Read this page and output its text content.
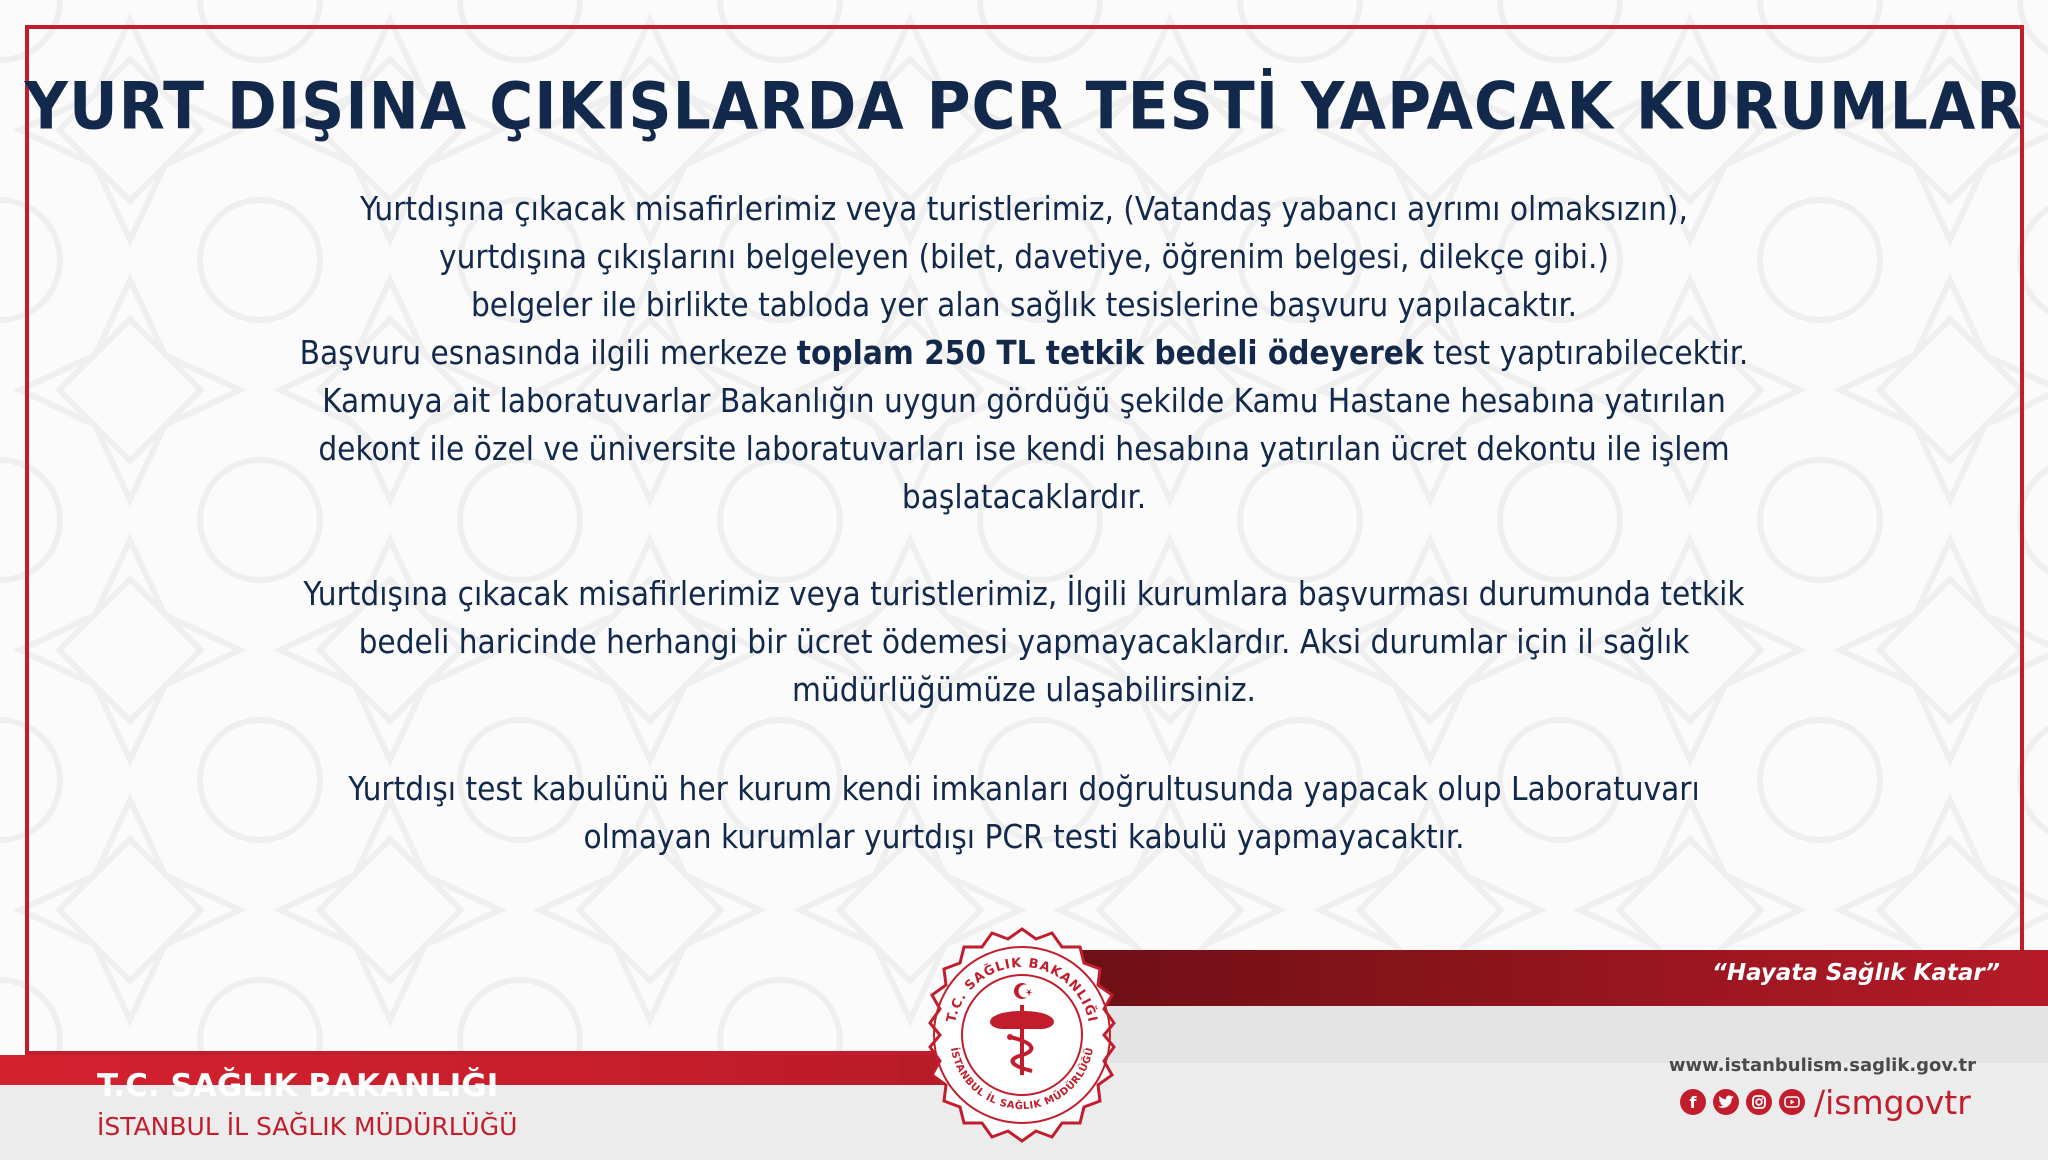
YURT DIŞINA ÇIKIŞLARDA PCR TESTİ YAPACAK KURUMLAR
Yurtdışına çıkacak misafirlerimiz veya turistlerimiz, (Vatandaş yabancı ayrımı olmaksızın),
yurtdışına çıkışlarını belgeleyen (bilet, davetiye, öğrenim belgesi, dilekçe gibi.)
belgeler ile birlikte tabloda yer alan sağlık tesislerine başvuru yapılacaktır.
Başvuru esnasında ilgili merkeze toplam 250 TL tetkik bedeli ödeyerek test yaptırabilecektir.
Kamuya ait laboratuvarlar Bakanlığın uygun gördüğü şekilde Kamu Hastane hesabına yatırılan
dekont ile özel ve üniversite laboratuvarları ise kendi hesabına yatırılan ücret dekontu ile işlem
başlatacaklardır.
Yurtdışına çıkacak misafirlerimiz veya turistlerimiz, İlgili kurumlara başvurması durumunda tetkik
bedeli haricinde herhangi bir ücret ödemesi yapmayacaklardır. Aksi durumlar için il sağlık
müdürlüğümüze ulaşabilirsiniz.
Yurtdışı test kabulünü her kurum kendi imkanları doğrultusunda yapacak olup Laboratuvarı
olmayan kurumlar yurtdışı PCR testi kabulü yapmayacaktır.
“Hayata Sağlık Katar”
T.C. SAĞLIK BAKANLIĞI
İSTANBUL İL SAĞLIK MÜDÜRLÜĞÜ
www.istanbulism.saglik.gov.tr
f	/ismgovtr
T.C. SAĞLIK BAKANLIĞI
İSTANBUL İL SAĞLIK MÜDÜRLÜĞÜ
